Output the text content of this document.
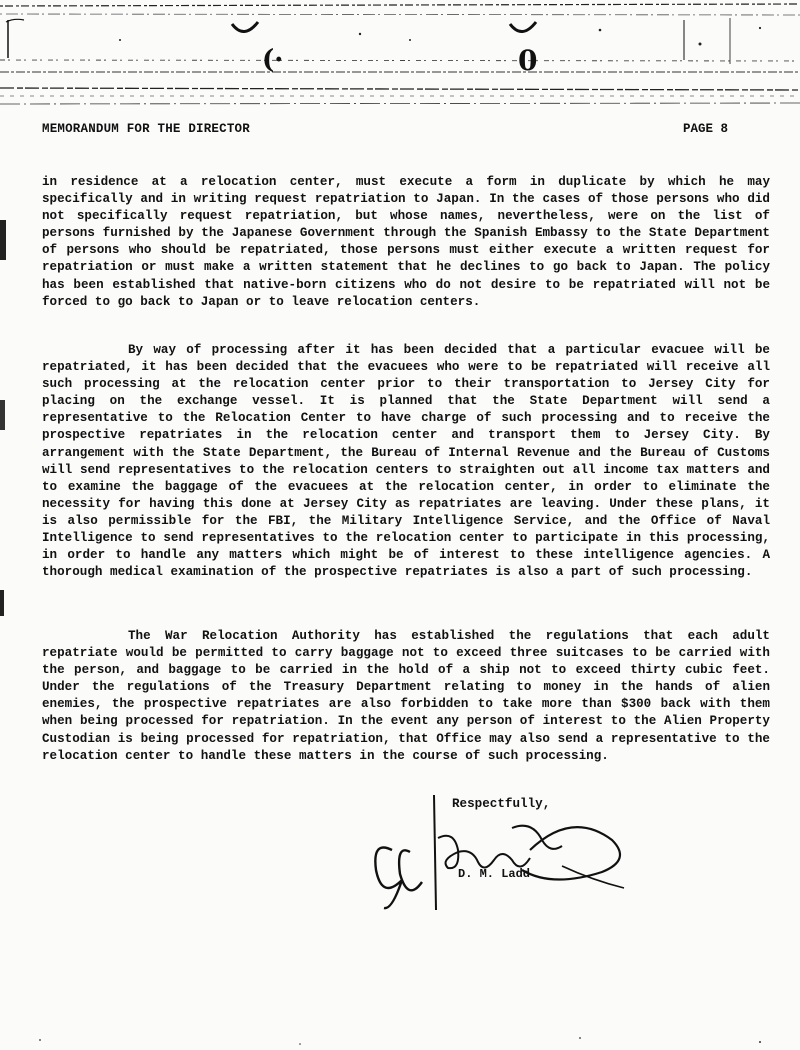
(·	0
MEMORANDUM FOR THE DIRECTOR	PAGE 8

in residence at a relocation center, must execute a form in duplicate by which he may specifically and in writing request repatriation to Japan. In the cases of those persons who did not specifically request repatriation, but whose names, nevertheless, were on the list of persons furnished by the Japanese Government through the Spanish Embassy to the State Department of persons who should be repatriated, those persons must either execute a written request for repatriation or must make a written statement that he declines to go back to Japan. The policy has been established that native-born citizens who do not desire to be repatriated will not be forced to go back to Japan or to leave relocation centers.

By way of processing after it has been decided that a particular evacuee will be repatriated, it has been decided that the evacuees who were to be repatriated will receive all such processing at the relocation center prior to their transportation to Jersey City for placing on the exchange vessel. It is planned that the State Department will send a representative to the Relocation Center to have charge of such processing and to receive the prospective repatriates in the relocation center and transport them to Jersey City. By arrangement with the State Department, the Bureau of Internal Revenue and the Bureau of Customs will send representatives to the relocation centers to straighten out all income tax matters and to examine the baggage of the evacuees at the relocation center, in order to eliminate the necessity for having this done at Jersey City as repatriates are leaving. Under these plans, it is also permissible for the FBI, the Military Intelligence Service, and the Office of Naval Intelligence to send representatives to the relocation center to participate in this processing, in order to handle any matters which might be of interest to these intelligence agencies. A thorough medical examination of the prospective repatriates is also a part of such processing.

The War Relocation Authority has established the regulations that each adult repatriate would be permitted to carry baggage not to exceed three suitcases to be carried with the person, and baggage to be carried in the hold of a ship not to exceed thirty cubic feet. Under the regulations of the Treasury Department relating to money in the hands of alien enemies, the prospective repatriates are also forbidden to take more than $300 back with them when being processed for repatriation. In the event any person of interest to the Alien Property Custodian is being processed for repatriation, that Office may also send a representative to the relocation center to handle these matters in the course of such processing.

Respectfully,
D. M. Ladd
